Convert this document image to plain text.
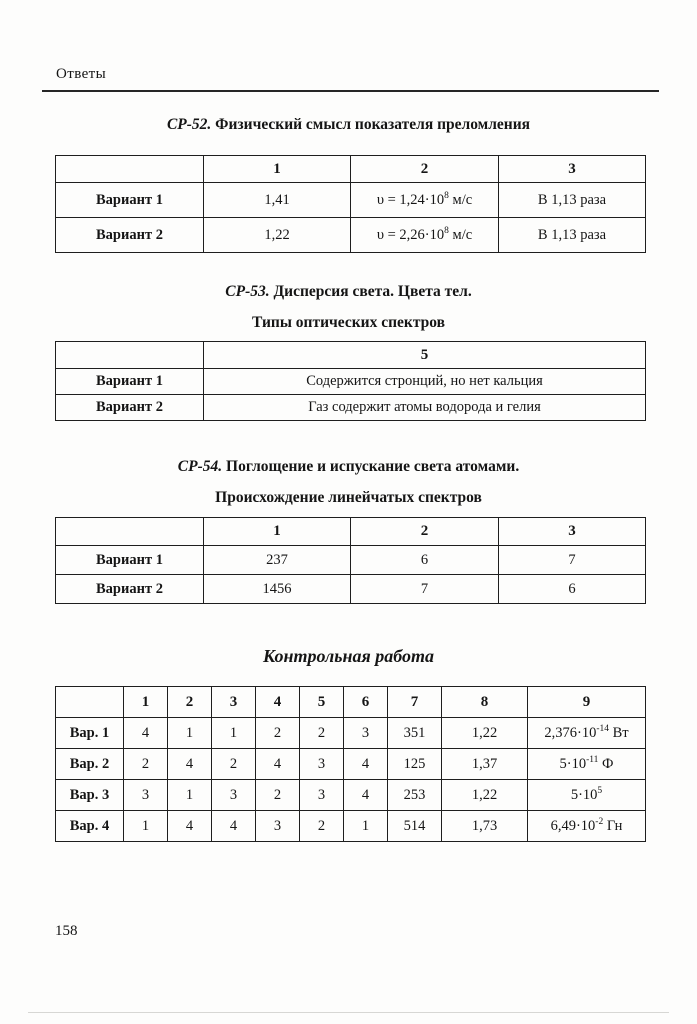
Ответы
СР-52. Физический смысл показателя преломления
	1	2	3
Вариант 1	1,41	$\upsilon = 1,24\cdot 10^8$ м/с	В 1,13 раза
Вариант 2	1,22	$\upsilon = 2,26\cdot 10^8$ м/с	В 1,13 раза
СР-53. Дисперсия света. Цвета тел.
Типы оптических спектров
	5
Вариант 1	Содержится стронций, но нет кальция
Вариант 2	Газ содержит атомы водорода и гелия
СР-54. Поглощение и испускание света атомами.
Происхождение линейчатых спектров
	1	2	3
Вариант 1	237	6	7
Вариант 2	1456	7	6
Контрольная работа
	1	2	3	4	5	6	7	8	9
Вар. 1	4	1	1	2	2	3	351	1,22	$2,376\cdot 10^{-14}$ Вт
Вар. 2	2	4	2	4	3	4	125	1,37	$5\cdot 10^{-11}$ Ф
Вар. 3	3	1	3	2	3	4	253	1,22	$5\cdot 10^5$
Вар. 4	1	4	4	3	2	1	514	1,73	$6,49\cdot 10^{-2}$ Гн
158
